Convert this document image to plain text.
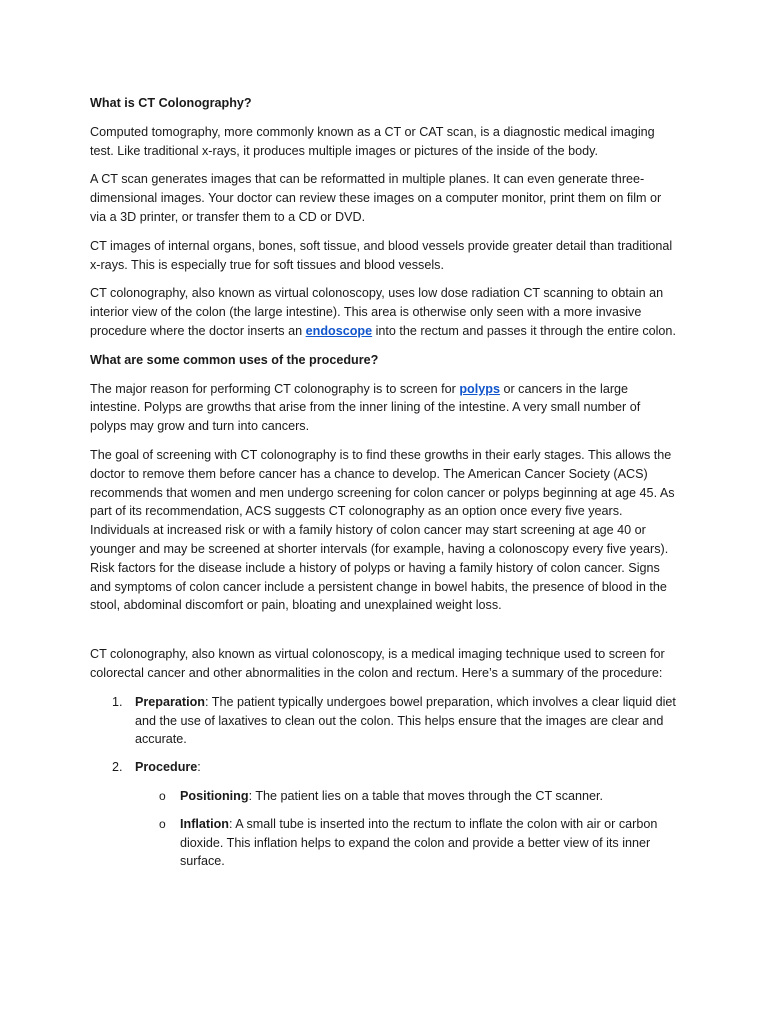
What is CT Colonography?

Computed tomography, more commonly known as a CT or CAT scan, is a diagnostic medical imaging test. Like traditional x-rays, it produces multiple images or pictures of the inside of the body.

A CT scan generates images that can be reformatted in multiple planes. It can even generate three-dimensional images. Your doctor can review these images on a computer monitor, print them on film or via a 3D printer, or transfer them to a CD or DVD.

CT images of internal organs, bones, soft tissue, and blood vessels provide greater detail than traditional x-rays. This is especially true for soft tissues and blood vessels.

CT colonography, also known as virtual colonoscopy, uses low dose radiation CT scanning to obtain an interior view of the colon (the large intestine). This area is otherwise only seen with a more invasive procedure where the doctor inserts an endoscope into the rectum and passes it through the entire colon.

What are some common uses of the procedure?

The major reason for performing CT colonography is to screen for polyps or cancers in the large intestine. Polyps are growths that arise from the inner lining of the intestine. A very small number of polyps may grow and turn into cancers.

The goal of screening with CT colonography is to find these growths in their early stages. This allows the doctor to remove them before cancer has a chance to develop. The American Cancer Society (ACS) recommends that women and men undergo screening for colon cancer or polyps beginning at age 45. As part of its recommendation, ACS suggests CT colonography as an option once every five years. Individuals at increased risk or with a family history of colon cancer may start screening at age 40 or younger and may be screened at shorter intervals (for example, having a colonoscopy every five years). Risk factors for the disease include a history of polyps or having a family history of colon cancer. Signs and symptoms of colon cancer include a persistent change in bowel habits, the presence of blood in the stool, abdominal discomfort or pain, bloating and unexplained weight loss.

CT colonography, also known as virtual colonoscopy, is a medical imaging technique used to screen for colorectal cancer and other abnormalities in the colon and rectum. Here’s a summary of the procedure:

1. Preparation: The patient typically undergoes bowel preparation, which involves a clear liquid diet and the use of laxatives to clean out the colon. This helps ensure that the images are clear and accurate.
2. Procedure:
o Positioning: The patient lies on a table that moves through the CT scanner.
o Inflation: A small tube is inserted into the rectum to inflate the colon with air or carbon dioxide. This inflation helps to expand the colon and provide a better view of its inner surface.
